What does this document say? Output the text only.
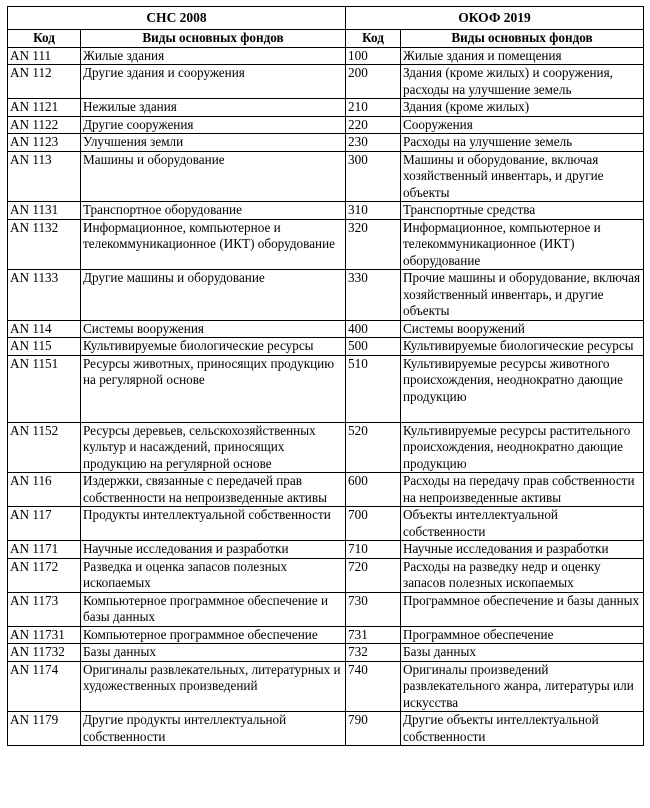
СНС 2008		ОКОФ 2019	
Код	Виды основных фондов	Код	Виды основных фондов
AN 111	Жилые здания	100	Жилые здания и помещения
AN 112	Другие здания и сооружения	200	Здания (кроме жилых) и сооружения, расходы на улучшение земель
AN 1121	Нежилые здания	210	Здания (кроме жилых)
AN 1122	Другие сооружения	220	Сооружения
AN 1123	Улучшения земли	230	Расходы на улучшение земель
AN 113	Машины и оборудование	300	Машины и оборудование, включая хозяйственный инвентарь, и другие объекты
AN 1131	Транспортное оборудование	310	Транспортные средства
AN 1132	Информационное, компьютерное и телекоммуникационное (ИКТ) оборудование	320	Информационное, компьютерное и телекоммуникационное (ИКТ) оборудование
AN 1133	Другие машины и оборудование	330	Прочие машины и оборудование, включая хозяйственный инвентарь, и другие объекты
AN 114	Системы вооружения	400	Системы вооружений
AN 115	Культивируемые биологические ресурсы	500	Культивируемые биологические ресурсы
AN 1151	Ресурсы животных, приносящих продукцию на регулярной основе	510	Культивируемые ресурсы животного происхождения, неоднократно дающие продукцию
AN 1152	Ресурсы деревьев, сельскохозяйственных культур и насаждений, приносящих продукцию на регулярной основе	520	Культивируемые ресурсы растительного происхождения, неоднократно дающие продукцию
AN 116	Издержки, связанные с передачей прав собственности на непроизведенные активы	600	Расходы на передачу прав собственности на непроизведенные активы
AN 117	Продукты интеллектуальной собственности	700	Объекты интеллектуальной собственности
AN 1171	Научные исследования и разработки	710	Научные исследования и разработки
AN 1172	Разведка и оценка запасов полезных ископаемых	720	Расходы на разведку недр и оценку запасов полезных ископаемых
AN 1173	Компьютерное программное обеспечение и базы данных	730	Программное обеспечение и базы данных
AN 11731	Компьютерное программное обеспечение	731	Программное обеспечение
AN 11732	Базы данных	732	Базы данных
AN 1174	Оригиналы развлекательных, литературных и художественных произведений	740	Оригиналы произведений развлекательного жанра, литературы или искусства
AN 1179	Другие продукты интеллектуальной собственности	790	Другие объекты интеллектуальной собственности
